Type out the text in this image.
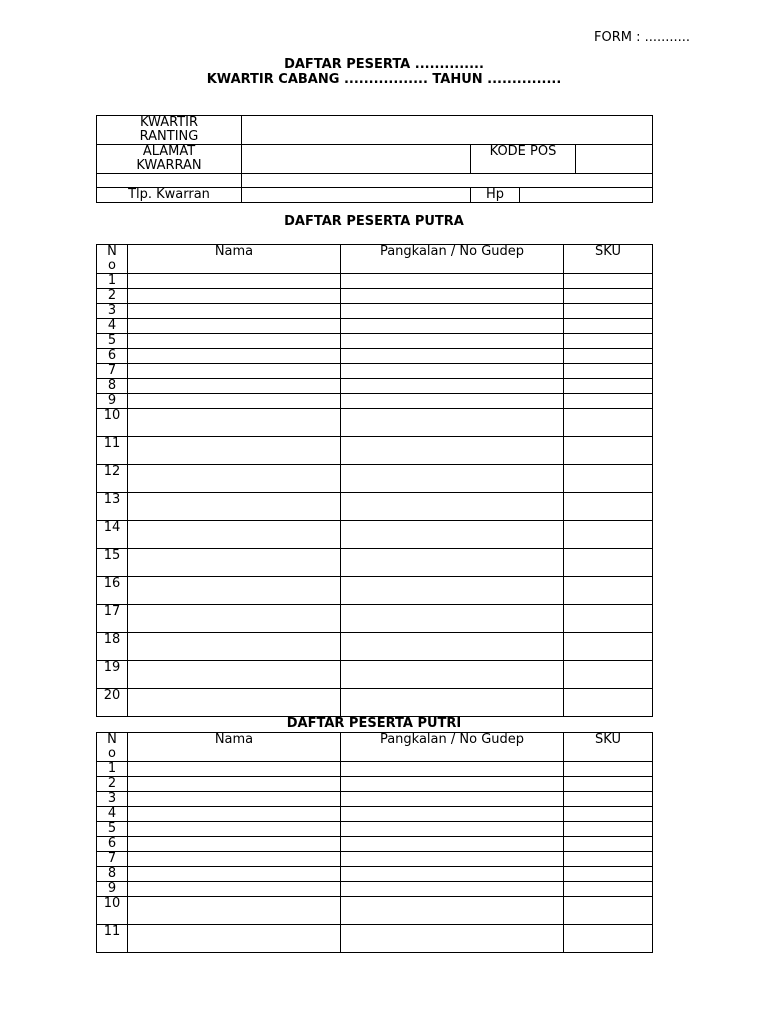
FORM : ...........
DAFTAR PESERTA ..............
KWARTIR CABANG ................. TAHUN ...............
KWARTIR
RANTING				
ALAMAT
KWARRAN		KODE POS		

Tlp. Kwarran		Hp		
DAFTAR PESERTA PUTRA
N
o	Nama	Pangkalan / No Gudep	SKU
1			
2			
3			
4			
5			
6			
7			
8			
9			
10			
11			
12			
13			
14			
15			
16			
17			
18			
19			
20			
DAFTAR PESERTA PUTRI
N
o	Nama	Pangkalan / No Gudep	SKU
1			
2			
3			
4			
5			
6			
7			
8			
9			
10			
11			
